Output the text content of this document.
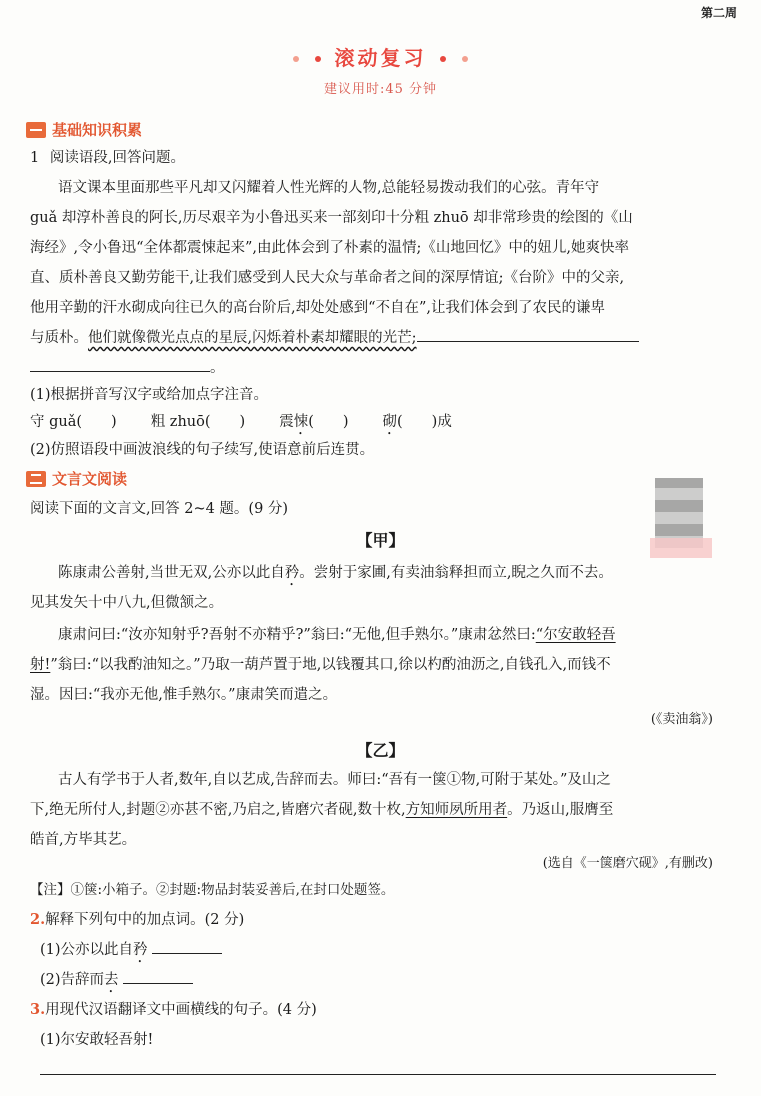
第二周
滚动复习
建议用时:45 分钟
基础知识积累
1 阅读语段,回答问题。
语文课本里面那些平凡却又闪耀着人性光辉的人物,总能轻易拨动我们的心弦。青年守
guǎ 却淳朴善良的阿长,历尽艰辛为小鲁迅买来一部刻印十分粗 zhuō 却非常珍贵的绘图的《山
海经》,令小鲁迅“全体都震悚起来”,由此体会到了朴素的温情;《山地回忆》中的妞儿,她爽快率
直、质朴善良又勤劳能干,让我们感受到人民大众与革命者之间的深厚情谊;《台阶》中的父亲,
他用辛勤的汗水砌成向往已久的高台阶后,却处处感到“不自在”,让我们体会到了农民的谦卑
与质朴。他们就像微光点点的星辰,闪烁着朴素却耀眼的光芒;
。
(1)根据拼音写汉字或给加点字注音。
守 guǎ(　　) 粗 zhuō(　　) 震悚(　　) 砌(　　)成
(2)仿照语段中画波浪线的句子续写,使语意前后连贯。
文言文阅读
阅读下面的文言文,回答 2~4 题。(9 分)
【甲】
陈康肃公善射,当世无双,公亦以此自矜。尝射于家圃,有卖油翁释担而立,睨之久而不去。
见其发矢十中八九,但微颔之。
康肃问曰:“汝亦知射乎?吾射不亦精乎?”翁曰:“无他,但手熟尔。”康肃忿然曰:“尔安敢轻吾
射!”翁曰:“以我酌油知之。”乃取一葫芦置于地,以钱覆其口,徐以杓酌油沥之,自钱孔入,而钱不
湿。因曰:“我亦无他,惟手熟尔。”康肃笑而遣之。
(《卖油翁》)
【乙】
古人有学书于人者,数年,自以艺成,告辞而去。师曰:“吾有一箧①物,可附于某处。”及山之
下,绝无所付人,封题②亦甚不密,乃启之,皆磨穴者砚,数十枚,方知师夙所用者。乃返山,服膺至
皓首,方毕其艺。
(选自《一箧磨穴砚》,有删改)
【注】①箧:小箱子。②封题:物品封装妥善后,在封口处题签。
2.解释下列句中的加点词。(2 分)
(1)公亦以此自矜
(2)告辞而去
3.用现代汉语翻译文中画横线的句子。(4 分)
(1)尔安敢轻吾射!
